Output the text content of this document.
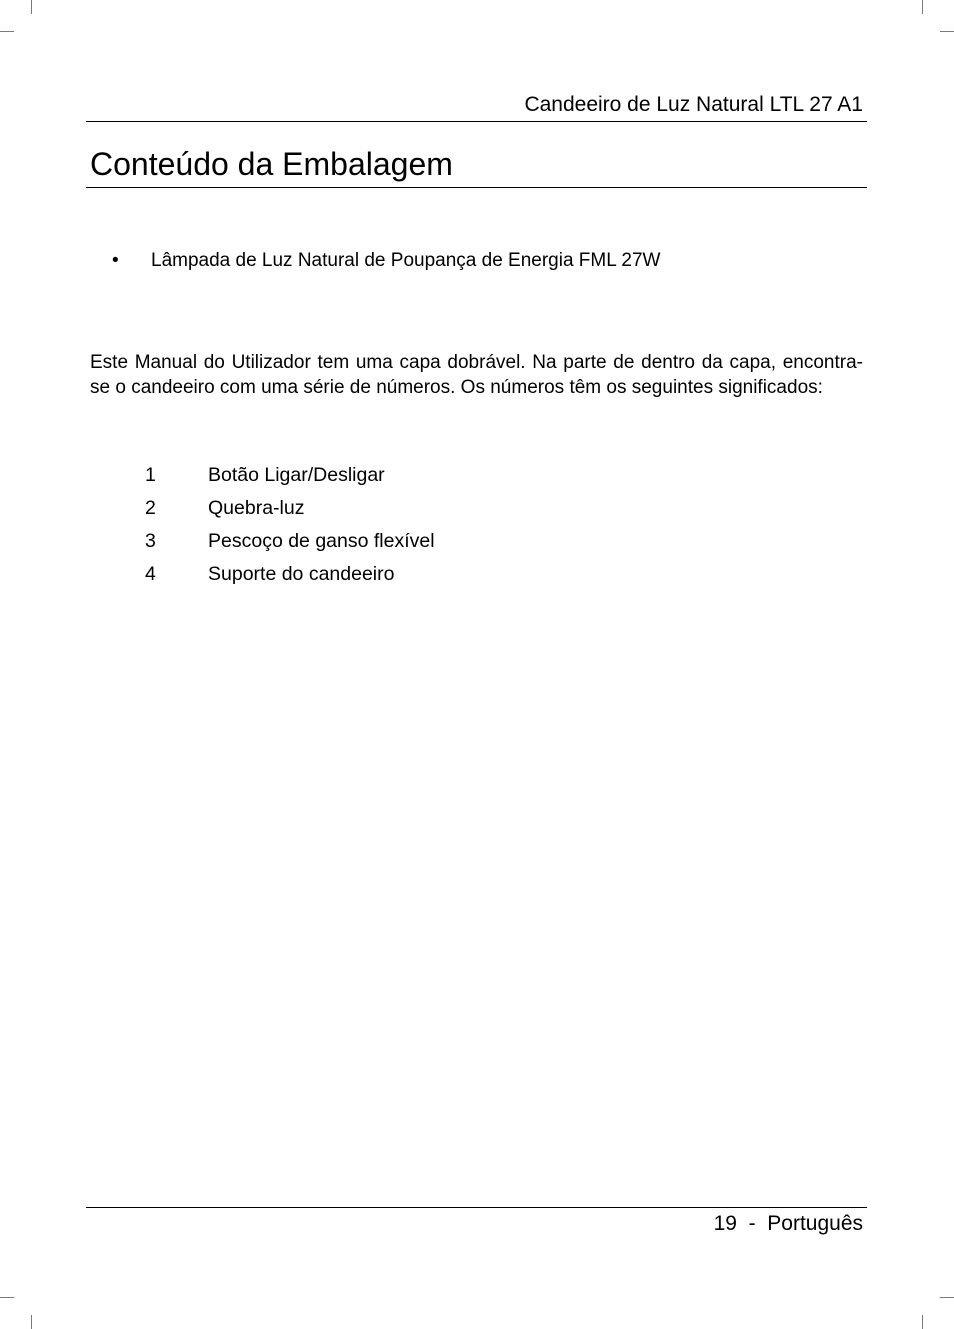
Candeeiro de Luz Natural LTL 27 A1
Conteúdo da Embalagem
• Lâmpada de Luz Natural de Poupança de Energia FML 27W

Este Manual do Utilizador tem uma capa dobrável. Na parte de dentro da capa, encontra-se o candeeiro com uma série de números. Os números têm os seguintes significados:

1	Botão Ligar/Desligar
2	Quebra-luz
3	Pescoço de ganso flexível
4	Suporte do candeeiro
19  -  Português
